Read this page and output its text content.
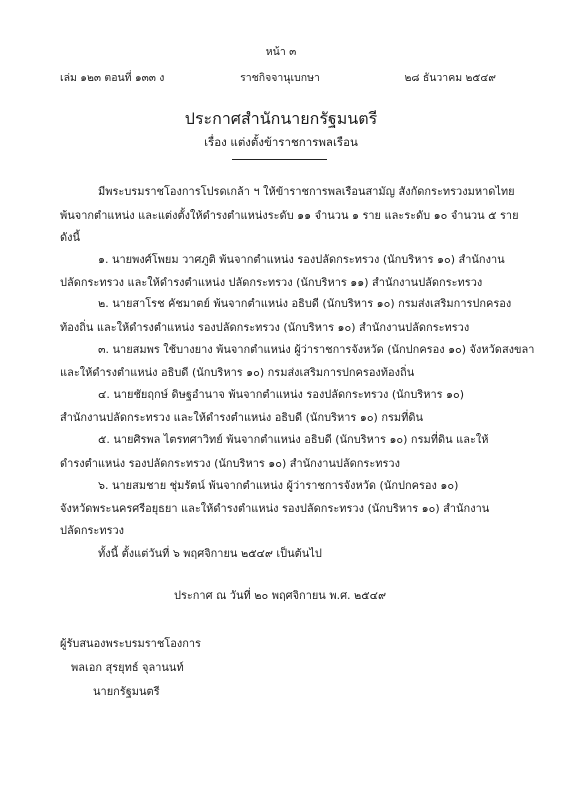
หน้า ๓
เล่ม ๑๒๓ ตอนที่ ๑๓๓ ง	ราชกิจจานุเบกษา	๒๘ ธันวาคม ๒๕๔๙
ประกาศสำนักนายกรัฐมนตรี
เรื่อง แต่งตั้งข้าราชการพลเรือน
มีพระบรมราชโองการโปรดเกล้า ฯ ให้ข้าราชการพลเรือนสามัญ สังกัดกระทรวงมหาดไทย
พ้นจากตำแหน่ง และแต่งตั้งให้ดำรงตำแหน่งระดับ ๑๑ จำนวน ๑ ราย และระดับ ๑๐ จำนวน ๕ ราย
ดังนี้
๑. นายพงศ์โพยม วาศภูติ พ้นจากตำแหน่ง รองปลัดกระทรวง (นักบริหาร ๑๐) สำนักงาน
ปลัดกระทรวง และให้ดำรงตำแหน่ง ปลัดกระทรวง (นักบริหาร ๑๑) สำนักงานปลัดกระทรวง
๒. นายสาโรช คัชมาตย์ พ้นจากตำแหน่ง อธิบดี (นักบริหาร ๑๐) กรมส่งเสริมการปกครอง
ท้องถิ่น และให้ดำรงตำแหน่ง รองปลัดกระทรวง (นักบริหาร ๑๐) สำนักงานปลัดกระทรวง
๓. นายสมพร ใช้บางยาง พ้นจากตำแหน่ง ผู้ว่าราชการจังหวัด (นักปกครอง ๑๐) จังหวัดสงขลา
และให้ดำรงตำแหน่ง อธิบดี (นักบริหาร ๑๐) กรมส่งเสริมการปกครองท้องถิ่น
๔. นายชัยฤกษ์ ดิษฐอำนาจ พ้นจากตำแหน่ง รองปลัดกระทรวง (นักบริหาร ๑๐)
สำนักงานปลัดกระทรวง และให้ดำรงตำแหน่ง อธิบดี (นักบริหาร ๑๐) กรมที่ดิน
๕. นายศิรพล ไตรทศาวิทย์ พ้นจากตำแหน่ง อธิบดี (นักบริหาร ๑๐) กรมที่ดิน และให้
ดำรงตำแหน่ง รองปลัดกระทรวง (นักบริหาร ๑๐) สำนักงานปลัดกระทรวง
๖. นายสมชาย ชุ่มรัตน์ พ้นจากตำแหน่ง ผู้ว่าราชการจังหวัด (นักปกครอง ๑๐)
จังหวัดพระนครศรีอยุธยา และให้ดำรงตำแหน่ง รองปลัดกระทรวง (นักบริหาร ๑๐) สำนักงาน
ปลัดกระทรวง
ทั้งนี้ ตั้งแต่วันที่ ๖ พฤศจิกายน ๒๕๔๙ เป็นต้นไป
ประกาศ ณ วันที่ ๒๐ พฤศจิกายน พ.ศ. ๒๕๔๙
ผู้รับสนองพระบรมราชโองการ
พลเอก สุรยุทธ์ จุลานนท์
นายกรัฐมนตรี
